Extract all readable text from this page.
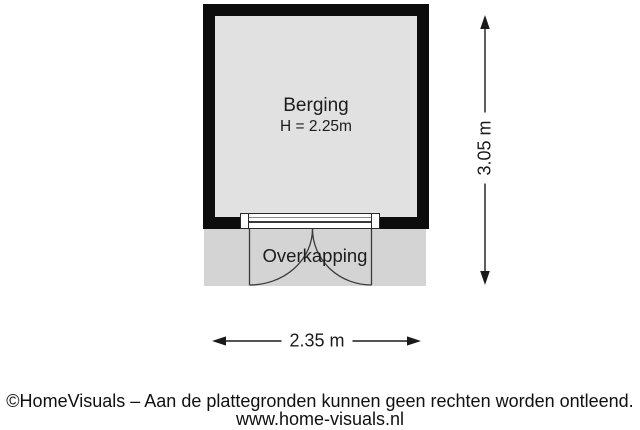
Berging
H = 2.25m
Overkapping
3.05 m
2.35 m
©HomeVisuals – Aan de plattegronden kunnen geen rechten worden ontleend.
www.home-visuals.nl
